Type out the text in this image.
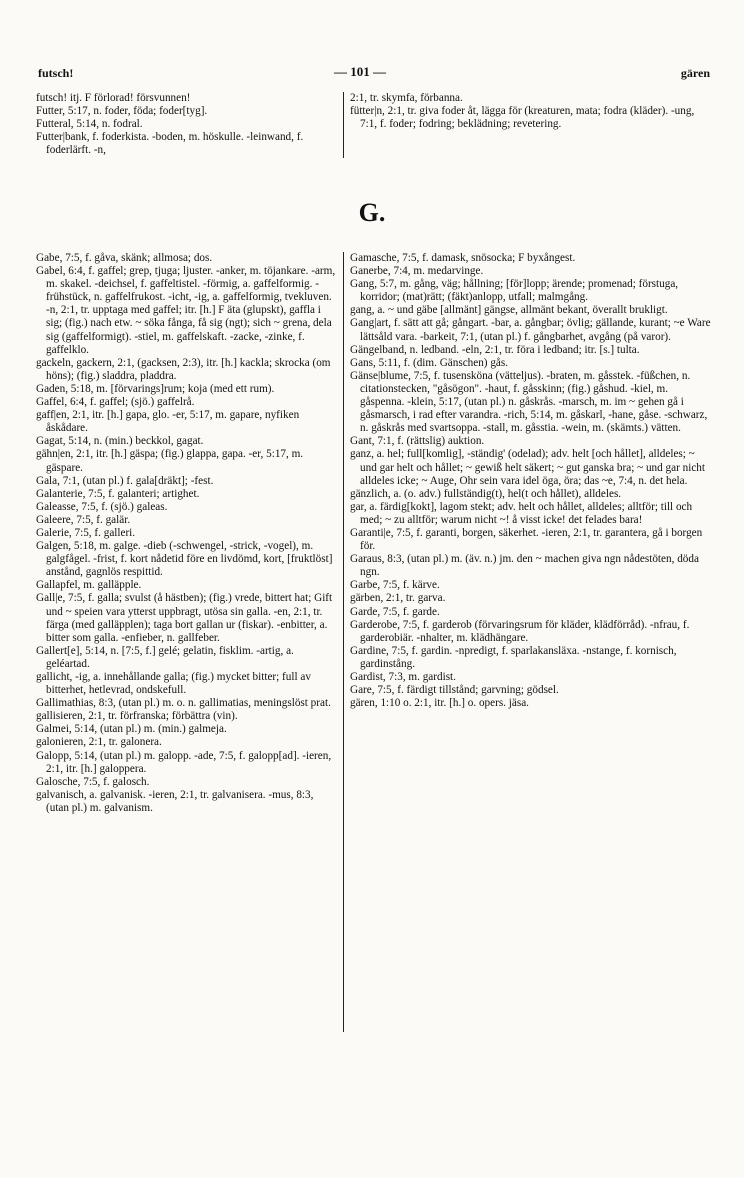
futsch!	— 101 —	gären

futsch! itj. F förlorad! försvunnen!

Futter, 5:17, n. foder, föda; foder[tyg].

Futteral, 5:14, n. fodral.

Futter|bank, f. foderkista. -boden, m. höskulle. -leinwand, f. foderlärft. -n,

2:1, tr. skymfa, förbanna.

fütter|n, 2:1, tr. giva foder åt, lägga för (kreaturen, mata; fodra (kläder). -ung, 7:1, f. foder; fodring; beklädning; revetering.

G.

Gabe, 7:5, f. gåva, skänk; allmosa; dos.

Gabel, 6:4, f. gaffel; grep, tjuga; ljuster. -anker, m. töjankare. -arm, m. skakel. -deichsel, f. gaffeltistel. -förmig, a. gaffelformig. -frühstück, n. gaffelfrukost. -icht, -ig, a. gaffelformig, tvekluven. -n, 2:1, tr. upptaga med gaffel; itr. [h.] F äta (glupskt), gaffla i sig; (fig.) nach etw. ~ söka fånga, få sig (ngt); sich ~ grena, dela sig (gaffelformigt). -stiel, m. gaffelskaft. -zacke, -zinke, f. gaffelklo.

gackeln, gackern, 2:1, (gacksen, 2:3), itr. [h.] kackla; skrocka (om höns); (fig.) sladdra, pladdra.

Gaden, 5:18, m. [förvarings]rum; koja (med ett rum).

Gaffel, 6:4, f. gaffel; (sjö.) gaffelrå.

gaff|en, 2:1, itr. [h.] gapa, glo. -er, 5:17, m. gapare, nyfiken åskådare.

Gagat, 5:14, n. (min.) beckkol, gagat.

gähn|en, 2:1, itr. [h.] gäspa; (fig.) glappa, gapa. -er, 5:17, m. gäspare.

Gala, 7:1, (utan pl.) f. gala[dräkt]; -fest.

Galanterie, 7:5, f. galanteri; artighet.

Galeasse, 7:5, f. (sjö.) galeas.

Galeere, 7:5, f. galär.

Galerie, 7:5, f. galleri.

Galgen, 5:18, m. galge. -dieb (-schwengel, -strick, -vogel), m. galgfågel. -frist, f. kort nådetid före en livdömd, kort, [fruktlöst] anstånd, gagnlös respittid.

Gallapfel, m. galläpple.

Gall|e, 7:5, f. galla; svulst (å hästben); (fig.) vrede, bittert hat; Gift und ~ speien vara ytterst uppbragt, utösa sin galla. -en, 2:1, tr. färga (med galläpplen); taga bort gallan ur (fiskar). -enbitter, a. bitter som galla. -enfieber, n. gallfeber.

Gallert[e], 5:14, n. [7:5, f.] gelé; gelatin, fisklim. -artig, a. geléartad.

gallicht, -ig, a. innehållande galla; (fig.) mycket bitter; full av bitterhet, hetlevrad, ondskefull.

Gallimathias, 8:3, (utan pl.) m. o. n. gallimatias, meningslöst prat.

gallisieren, 2:1, tr. förfranska; förbättra (vin).

Galmei, 5:14, (utan pl.) m. (min.) galmeja.

galonieren, 2:1, tr. galonera.

Galopp, 5:14, (utan pl.) m. galopp. -ade, 7:5, f. galopp[ad]. -ieren, 2:1, itr. [h.] galoppera.

Galosche, 7:5, f. galosch.

galvanisch, a. galvanisk. -ieren, 2:1, tr. galvanisera. -mus, 8:3, (utan pl.) m. galvanism.

Gamasche, 7:5, f. damask, snösocka; F byxångest.

Ganerbe, 7:4, m. medarvinge.

Gang, 5:7, m. gång, väg; hållning; [för]lopp; ärende; promenad; förstuga, korridor; (mat)rätt; (fäkt)anlopp, utfall; malmgång.

gang, a. ~ und gäbe [allmänt] gängse, allmänt bekant, överallt brukligt.

Gang|art, f. sätt att gå; gångart. -bar, a. gångbar; övlig; gällande, kurant; ~e Ware lättsåld vara. -barkeit, 7:1, (utan pl.) f. gångbarhet, avgång (på varor).

Gängelband, n. ledband. -eln, 2:1, tr. föra i ledband; itr. [s.] tulta.

Gans, 5:11, f. (dim. Gänschen) gås.

Gänse|blume, 7:5, f. tusensköna (vätteljus). -braten, m. gåsstek. -füßchen, n. citationstecken, "gåsögon". -haut, f. gåsskinn; (fig.) gåshud. -kiel, m. gåspenna. -klein, 5:17, (utan pl.) n. gåskrås. -marsch, m. im ~ gehen gå i gåsmarsch, i rad efter varandra. -rich, 5:14, m. gåskarl, -hane, gåse. -schwarz, n. gåskrås med svartsoppa. -stall, m. gåsstia. -wein, m. (skämts.) vätten.

Gant, 7:1, f. (rättslig) auktion.

ganz, a. hel; full[komlig], -ständig' (odelad); adv. helt [och hållet], alldeles; ~ und gar helt och hållet; ~ gewiß helt säkert; ~ gut ganska bra; ~ und gar nicht alldeles icke; ~ Auge, Ohr sein vara idel öga, öra; das ~e, 7:4, n. det hela.

gänzlich, a. (o. adv.) fullständig(t), hel(t och hållet), alldeles.

gar, a. färdig[kokt], lagom stekt; adv. helt och hållet, alldeles; alltför; till och med; ~ zu alltför; warum nicht ~! å visst icke! det felades bara!

Garanti|e, 7:5, f. garanti, borgen, säkerhet. -ieren, 2:1, tr. garantera, gå i borgen för.

Garaus, 8:3, (utan pl.) m. (äv. n.) jm. den ~ machen giva ngn nådestöten, döda ngn.

Garbe, 7:5, f. kärve.

gärben, 2:1, tr. garva.

Garde, 7:5, f. garde.

Garderobe, 7:5, f. garderob (förvaringsrum för kläder, klädförråd). -nfrau, f. garderobiär. -nhalter, m. klädhängare.

Gardine, 7:5, f. gardin. -npredigt, f. sparlakansläxa. -nstange, f. kornisch, gardinstång.

Gardist, 7:3, m. gardist.

Gare, 7:5, f. färdigt tillstånd; garvning; gödsel.

gären, 1:10 o. 2:1, itr. [h.] o. opers. jäsa.
